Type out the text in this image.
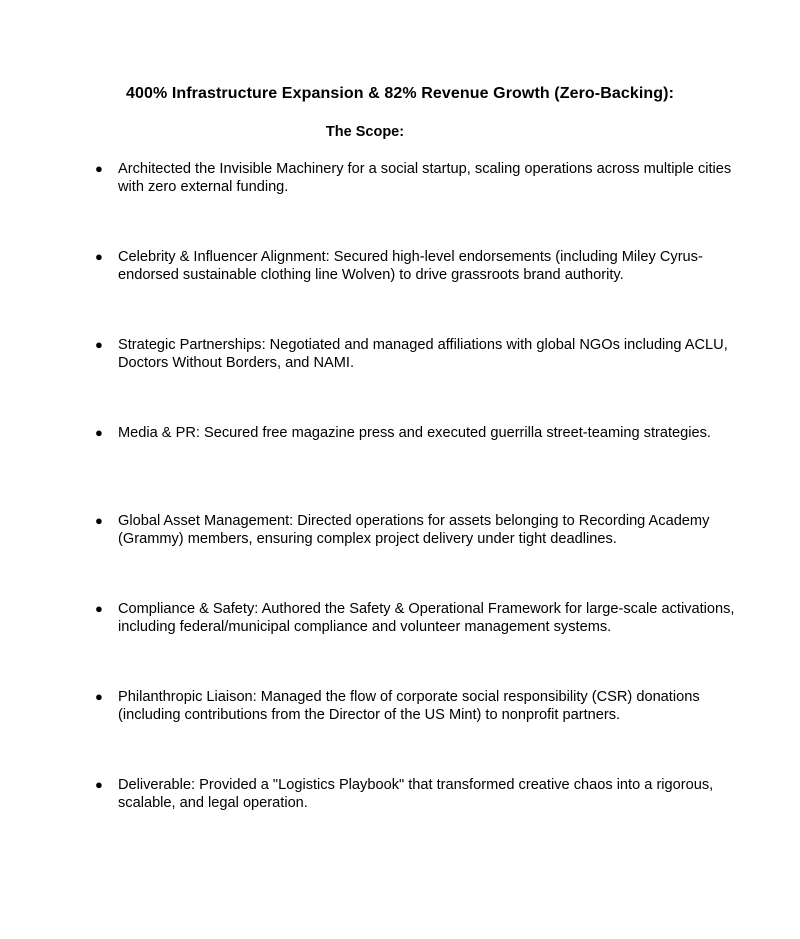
400% Infrastructure Expansion & 82% Revenue Growth (Zero-Backing):
The Scope:
● Architected the Invisible Machinery for a social startup, scaling operations across multiple cities with zero external funding.
● Celebrity & Influencer Alignment: Secured high-level endorsements (including Miley Cyrus-endorsed sustainable clothing line Wolven) to drive grassroots brand authority.
● Strategic Partnerships: Negotiated and managed affiliations with global NGOs including ACLU, Doctors Without Borders, and NAMI.
● Media & PR: Secured free magazine press and executed guerrilla street-teaming strategies.
● Global Asset Management: Directed operations for assets belonging to Recording Academy (Grammy) members, ensuring complex project delivery under tight deadlines.
● Compliance & Safety: Authored the Safety & Operational Framework for large-scale activations, including federal/municipal compliance and volunteer management systems.
● Philanthropic Liaison: Managed the flow of corporate social responsibility (CSR) donations (including contributions from the Director of the US Mint) to nonprofit partners.
● Deliverable: Provided a "Logistics Playbook" that transformed creative chaos into a rigorous, scalable, and legal operation.
